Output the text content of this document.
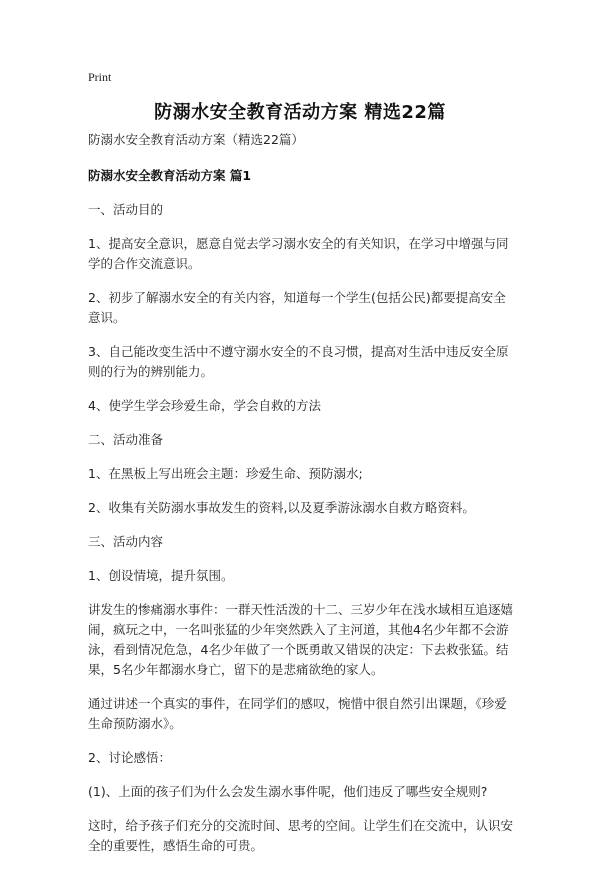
Print
防溺水安全教育活动方案 精选22篇

防溺水安全教育活动方案（精选22篇）

防溺水安全教育活动方案 篇1

一、活动目的

1、提高安全意识，愿意自觉去学习溺水安全的有关知识，在学习中增强与同学的合作交流意识。

2、初步了解溺水安全的有关内容，知道每一个学生(包括公民)都要提高安全意识。

3、自己能改变生活中不遵守溺水安全的不良习惯，提高对生活中违反安全原则的行为的辨别能力。

4、使学生学会珍爱生命，学会自救的方法

二、活动准备

1、在黑板上写出班会主题：珍爱生命、预防溺水;

2、收集有关防溺水事故发生的资料,以及夏季游泳溺水自救方略资料。

三、活动内容

1、创设情境，提升氛围。

讲发生的惨痛溺水事件：一群天性活泼的十二、三岁少年在浅水域相互追逐嬉闹，疯玩之中，一名叫张猛的少年突然跌入了主河道，其他4名少年都不会游泳，看到情况危急，4名少年做了一个既勇敢又错误的决定：下去救张猛。结果，5名少年都溺水身亡，留下的是悲痛欲绝的家人。

通过讲述一个真实的事件，在同学们的感叹，惋惜中很自然引出课题，《珍爱生命预防溺水》。

2、讨论感悟：

(1)、上面的孩子们为什么会发生溺水事件呢，他们违反了哪些安全规则?

这时，给予孩子们充分的交流时间、思考的空间。让学生们在交流中，认识安全的重要性，感悟生命的可贵。
